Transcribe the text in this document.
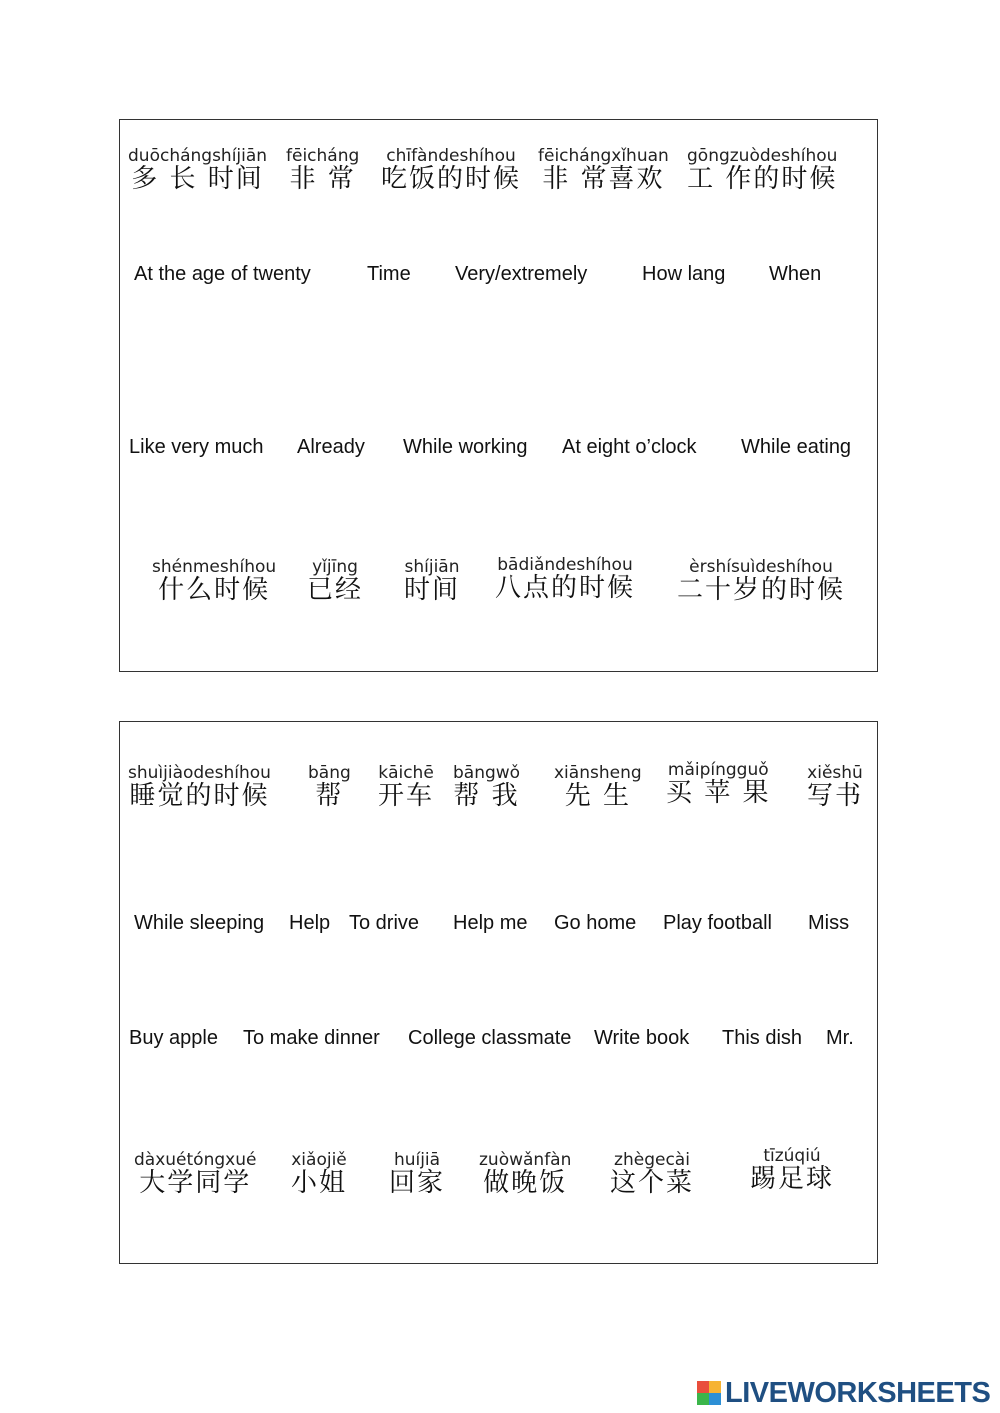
duōchángshíjiān
多 长 时间
fēicháng
非 常
chīfàndeshíhou
吃饭的时候
fēichángxǐhuan
非 常喜欢
gōngzuòdeshíhou
工 作的时候
At the age of twenty	Time Very/extremely	How lang When
Like very much Already While working At eight o’clock While eating
shénmeshíhou
什么时候
yǐjīng
已经
shíjiān
时间
bādiǎndeshíhou
八点的时候
èrshísuìdeshíhou
二十岁的时候
shuìjiàodeshíhou
睡觉的时候
bāng
帮
kāichē
开车
bāngwǒ
帮 我
xiānsheng
先 生
mǎipíngguǒ
买 苹 果
xiěshū
写书
While sleeping Help To drive Help me Go home Play football Miss
Buy apple To make dinner College classmate Write book This dish Mr.
dàxuétóngxué
大学同学
xiǎojiě
小姐
huíjiā
回家
zuòwǎnfàn
做晚饭
zhègecài
这个菜
tīzúqiú
踢足球
LIVEWORKSHEETS
